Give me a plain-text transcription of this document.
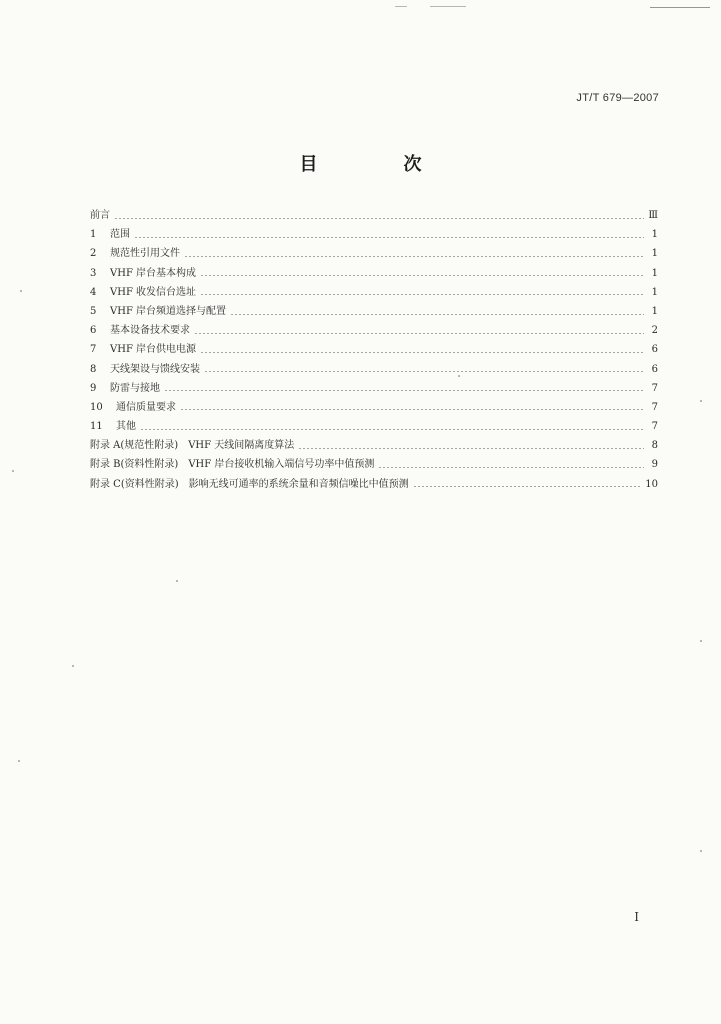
JT/T 679—2007
目　次
前言	Ⅲ
1	范围	1
2	规范性引用文件	1
3	VHF 岸台基本构成	1
4	VHF 收发信台选址	1
5	VHF 岸台频道选择与配置	1
6	基本设备技术要求	2
7	VHF 岸台供电电源	6
8	天线架设与馈线安装	6
9	防雷与接地	7
10	通信质量要求	7
11	其他	7
附录 A(规范性附录)　VHF 天线间隔离度算法	8
附录 B(资料性附录)　VHF 岸台接收机输入端信号功率中值预测	9
附录 C(资料性附录)　影响无线可通率的系统余量和音频信噪比中值预测	10
I
